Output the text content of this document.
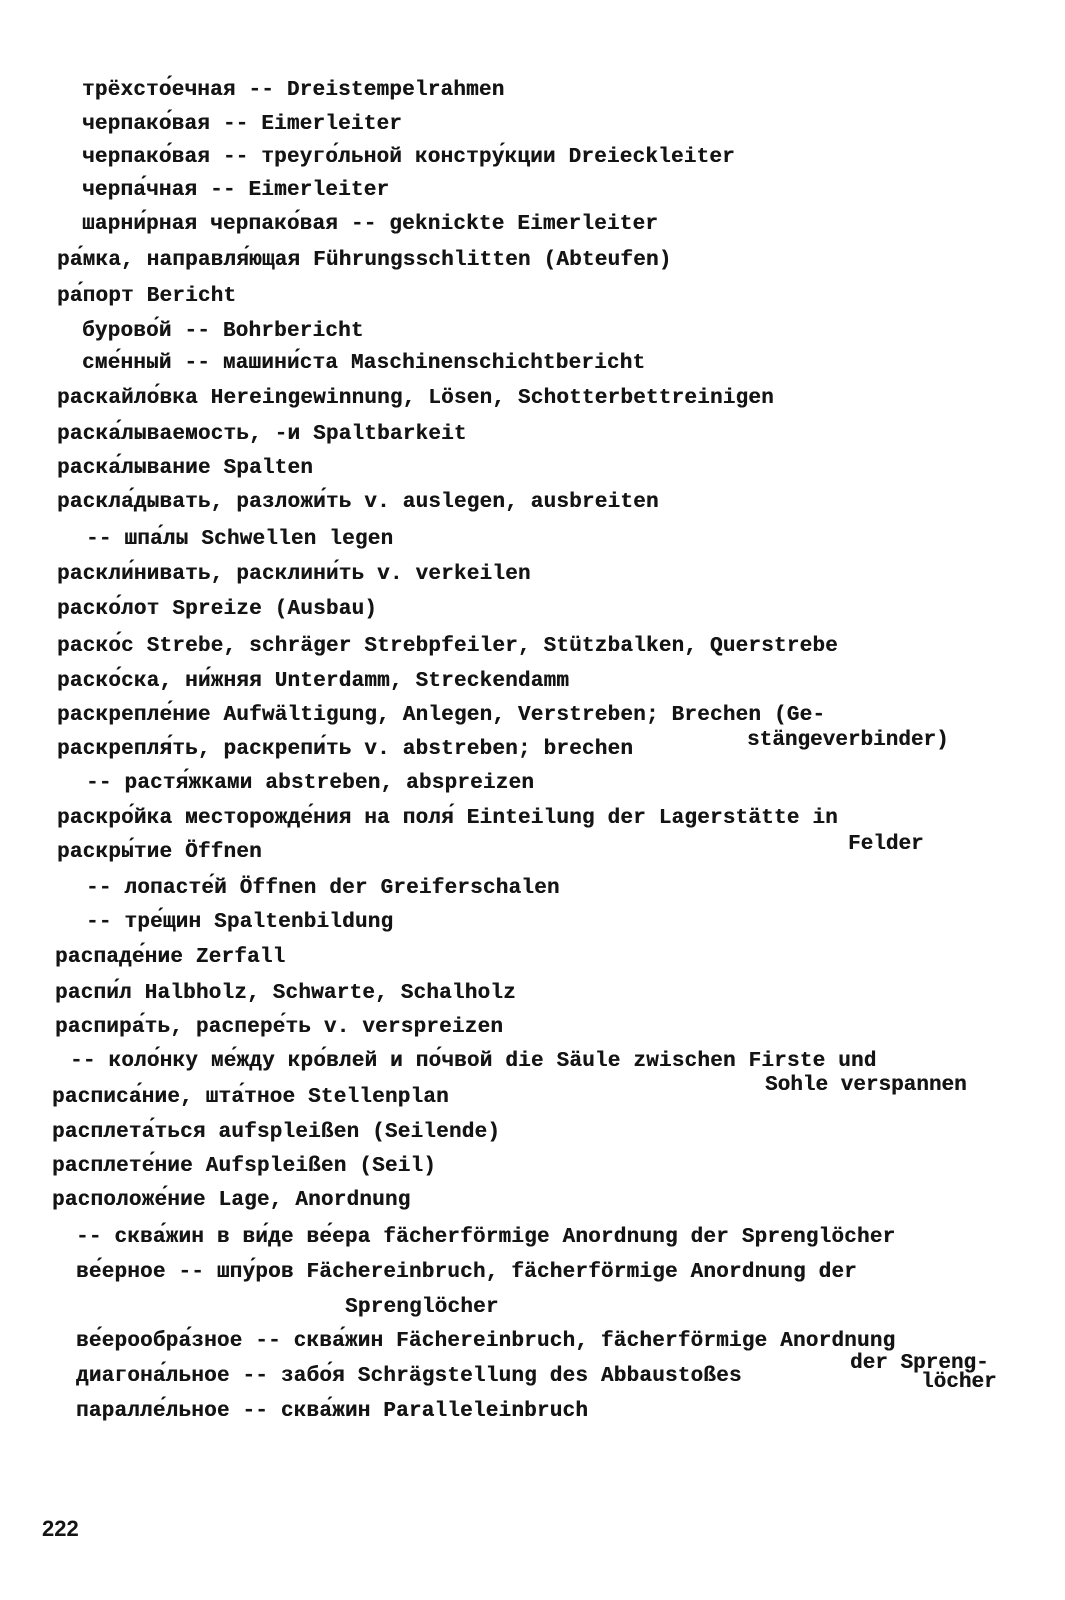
трёхсто́ечная -- Dreistempelrahmen
черпако́вая -- Eimerleiter
черпако́вая -- треуго́льной констру́кции Dreieckleiter
черпа́чная -- Eimerleiter
шарни́рная черпако́вая -- geknickte Eimerleiter
ра́мка, направля́ющая Führungsschlitten (Abteufen)
ра́порт Bericht
бурово́й -- Bohrbericht
сме́нный -- машини́ста Maschinenschichtbericht
раскайло́вка Hereingewinnung, Lösen, Schotterbettreinigen
раска́лываемость, -и Spaltbarkeit
раска́лывание Spalten
раскла́дывать, разложи́ть v. auslegen, ausbreiten
-- шпа́лы Schwellen legen
раскли́нивать, расклини́ть v. verkeilen
раско́лот Spreize (Ausbau)
раско́с Strebe, schräger Strebpfeiler, Stützbalken, Querstrebe
раско́ска, ни́жняя Unterdamm, Streckendamm
раскрепле́ние Aufwältigung, Anlegen, Verstreben; Brechen (Ge-
раскрепля́ть, раскрепи́ть v. abstreben; brechen	stängeverbinder)
-- растя́жками abstreben, abspreizen
раскро́йка месторожде́ния на поля́ Einteilung der Lagerstätte in
Felder
раскры́тие Öffnen
-- лопасте́й Öffnen der Greiferschalen
-- тре́щин Spaltenbildung
распаде́ние Zerfall
распи́л Halbholz, Schwarte, Schalholz
распира́ть, распере́ть v. verspreizen
-- коло́нку ме́жду кро́влей и по́чвой die Säule zwischen Firste und
Sohle verspannen
расписа́ние, шта́тное Stellenplan
расплета́ться aufspleißen (Seilende)
расплете́ние Aufspleißen (Seil)
расположе́ние Lage, Anordnung
-- сква́жин в ви́де ве́ера fächerförmige Anordnung der Sprenglöcher
ве́ерное -- шпу́ров Fächereinbruch, fächerförmige Anordnung der
Sprenglöcher
ве́ерообра́зное -- сква́жин Fächereinbruch, fächerförmige Anordnung
der Spreng-
диагона́льное -- забо́я Schrägstellung des Abbaustoßes	löcher
паралле́льное -- сква́жин Paralleleinbruch
222
